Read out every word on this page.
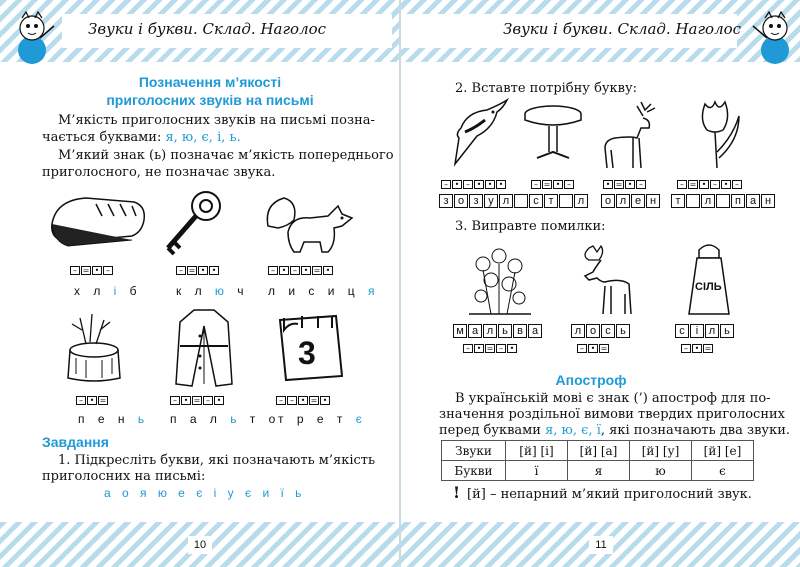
Звуки і букви. Склад. Наголос
Позначення м’якості
приголосних звуків на письмі
М’якість приголосних звуків на письмі позна-
чається буквами: я, ю, є, і, ь.
М’який знак (ь) позначає м’якість попереднього
приголосного, не позначає звука.
– = • –	– = • •	– • – • = •
х л і б	к л ю ч л и с и ц я
3
– • =	– • = – •	– – • = •
п е н ь п а л ь т о
т р е т є
Завдання
1. Підкресліть букви, які позначають м’якість
приголосних на письмі:
а о я ю е є і у є и ї ь
10
Звуки і букви. Склад. Наголос
2. Вставте потрібну букву:
– • – • • •	– = • –	• = • –	– = • – • –
з о з у л	с т	л	о л е н	т	л	п а н
3. Виправте помилки:
СІЛЬ
м а л ь в а	л о с ь	с	і л ь
– • = – •	– • =	– • =
Апостроф
В українській мові є знак (’) апостроф для по-
значення роздільної вимови твердих приголосних
перед буквами я, ю, є, ї, які позначають два звуки.
! [й] – непарний м’який приголосний звук.
11
Звуки	[й] [і]	[й] [а]	[й] [у]	[й] [е]
Букви	ї	я	ю	є
